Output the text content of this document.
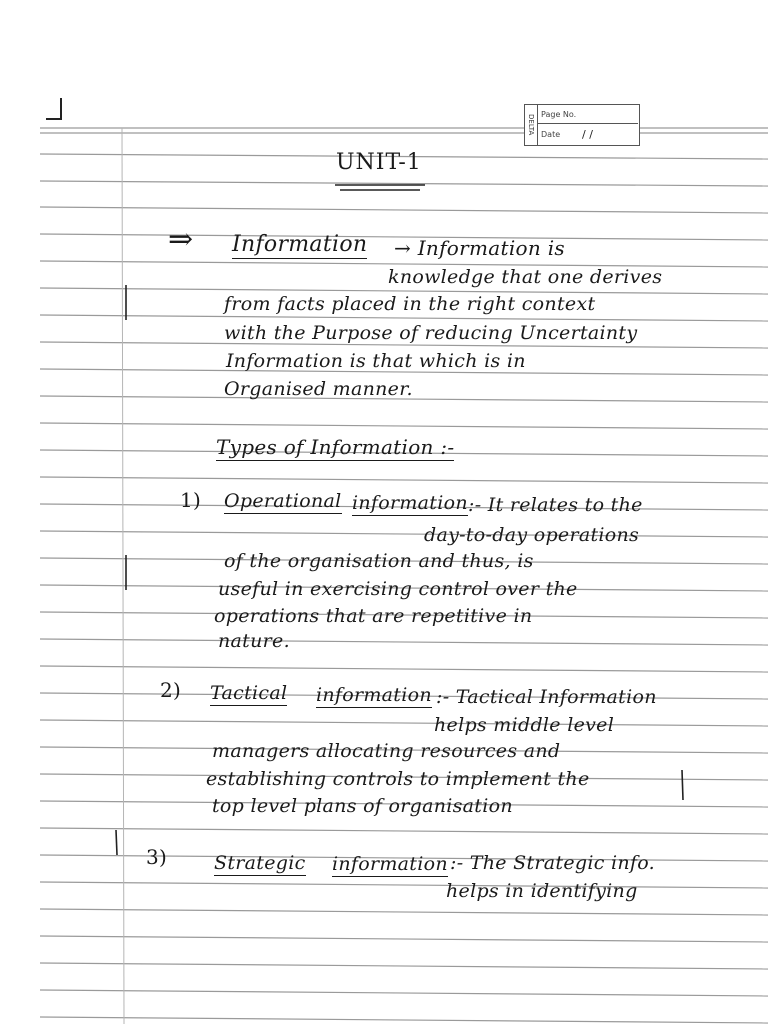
DELTA Page No.
Date / /
UNIT-1
⇒ Information → Information is
knowledge that one derives
from facts placed in the right context
with the Purpose of reducing Uncertainty
Information is that which is in
Organised manner.
Types of Information :-
1) Operational information :- It relates to the
day-to-day operations
of the organisation and thus, is
useful in exercising control over the
operations that are repetitive in
nature.
2) Tactical information :- Tactical Information
helps middle level
managers allocating resources and
establishing controls to implement the
top level plans of organisation
3) Strategic information :- The Strategic info.
helps in identifying
